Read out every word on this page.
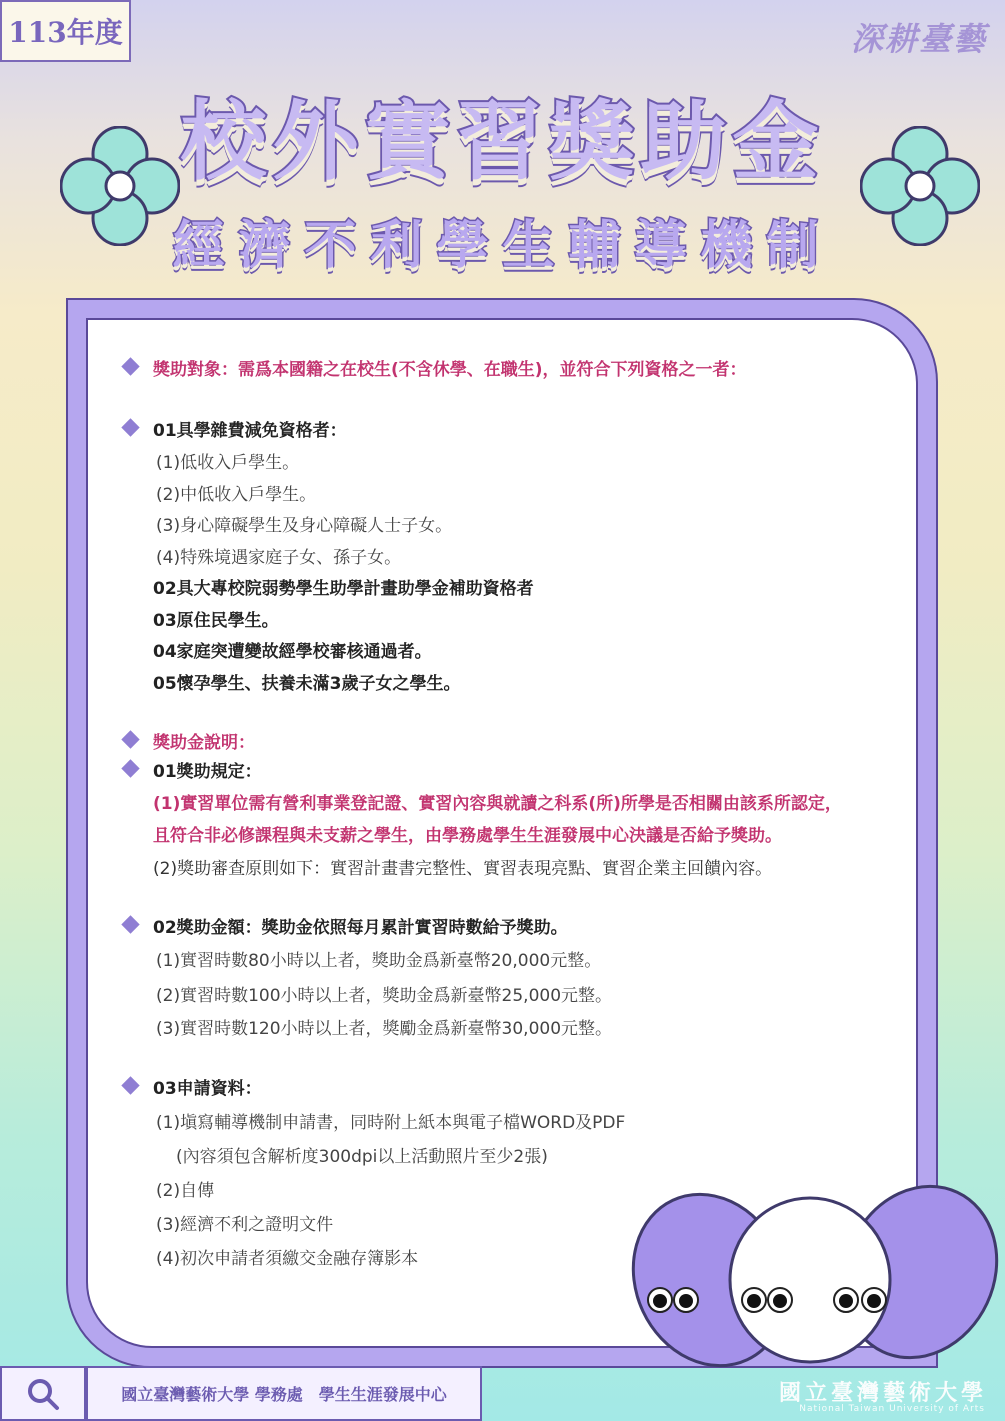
113年度	深耕臺藝
校外實習獎助金
經濟不利學生輔導機制
獎助對象：需爲本國籍之在校生(不含休學、在職生)，並符合下列資格之一者：
01具學雜費減免資格者：
(1)低收入戶學生。
(2)中低收入戶學生。
(3)身心障礙學生及身心障礙人士子女。
(4)特殊境遇家庭子女、孫子女。
02具大專校院弱勢學生助學計畫助學金補助資格者
03原住民學生。
04家庭突遭變故經學校審核通過者。
05懷孕學生、扶養未滿3歲子女之學生。
獎助金說明：
01獎助規定：
(1)實習單位需有營利事業登記證、實習內容與就讀之科系(所)所學是否相關由該系所認定，
且符合非必修課程與未支薪之學生，由學務處學生生涯發展中心決議是否給予獎助。
(2)獎助審查原則如下：實習計畫書完整性、實習表現亮點、實習企業主回饋內容。
02獎助金額：獎助金依照每月累計實習時數給予獎助。
(1)實習時數80小時以上者，獎助金爲新臺幣20,000元整。
(2)實習時數100小時以上者，獎助金爲新臺幣25,000元整。
(3)實習時數120小時以上者，獎勵金爲新臺幣30,000元整。
03申請資料：
(1)塡寫輔導機制申請書，同時附上紙本與電子檔WORD及PDF
(內容須包含解析度300dpi以上活動照片至少2張)
(2)自傳
(3)經濟不利之證明文件
(4)初次申請者須繳交金融存簿影本
國立臺灣藝術大學 學務處　學生生涯發展中心	國立臺灣藝術大學
National Taiwan University of Arts
